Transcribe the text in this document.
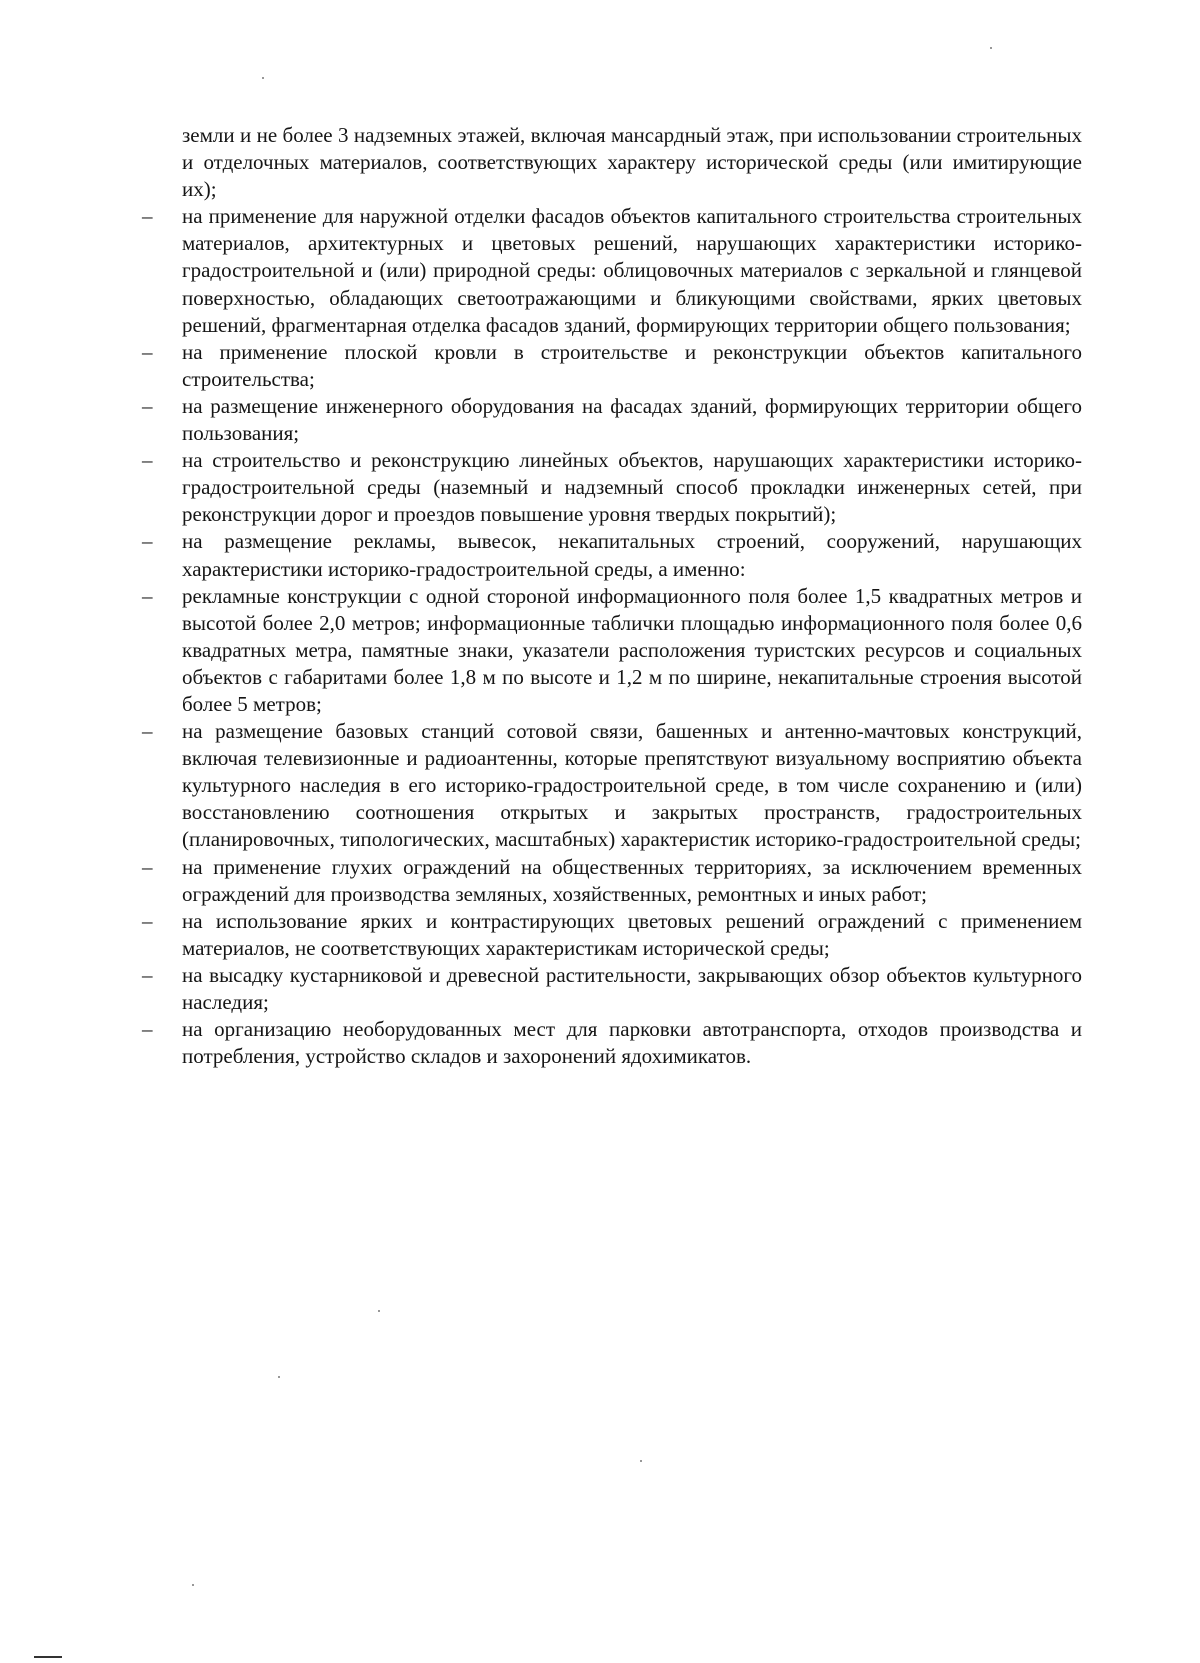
земли и не более 3 надземных этажей, включая мансардный этаж, при использовании строительных и отделочных материалов, соответствующих характеру исторической среды (или имитирующие их);

–	на применение для наружной отделки фасадов объектов капитального строительства строительных материалов, архитектурных и цветовых решений, нарушающих характеристики историко-градостроительной и (или) природной среды: облицовочных материалов с зеркальной и глянцевой поверхностью, обладающих светоотражающими и бликующими свойствами, ярких цветовых решений, фрагментарная отделка фасадов зданий, формирующих территории общего пользования;

–	на применение плоской кровли в строительстве и реконструкции объектов капитального строительства;

–	на размещение инженерного оборудования на фасадах зданий, формирующих территории общего пользования;

–	на строительство и реконструкцию линейных объектов, нарушающих характеристики историко-градостроительной среды (наземный и надземный способ прокладки инженерных сетей, при реконструкции дорог и проездов повышение уровня твердых покрытий);

–	на размещение рекламы, вывесок, некапитальных строений, сооружений, нарушающих характеристики историко-градостроительной среды, а именно:

–	рекламные конструкции с одной стороной информационного поля более 1,5 квадратных метров и высотой более 2,0 метров; информационные таблички площадью информационного поля более 0,6 квадратных метра, памятные знаки, указатели расположения туристских ресурсов и социальных объектов с габаритами более 1,8 м по высоте и 1,2 м по ширине, некапитальные строения высотой более 5 метров;

–	на размещение базовых станций сотовой связи, башенных и антенно-мачтовых конструкций, включая телевизионные и радиоантенны, которые препятствуют визуальному восприятию объекта культурного наследия в его историко-градостроительной среде, в том числе сохранению и (или) восстановлению соотношения открытых и закрытых пространств, градостроительных (планировочных, типологических, масштабных) характеристик историко-градостроительной среды;

–	на применение глухих ограждений на общественных территориях, за исключением временных ограждений для производства земляных, хозяйственных, ремонтных и иных работ;

–	на использование ярких и контрастирующих цветовых решений ограждений с применением материалов, не соответствующих характеристикам исторической среды;

–	на высадку кустарниковой и древесной растительности, закрывающих обзор объектов культурного наследия;

–	на организацию необорудованных мест для парковки автотранспорта, отходов производства и потребления, устройство складов и захоронений ядохимикатов.
